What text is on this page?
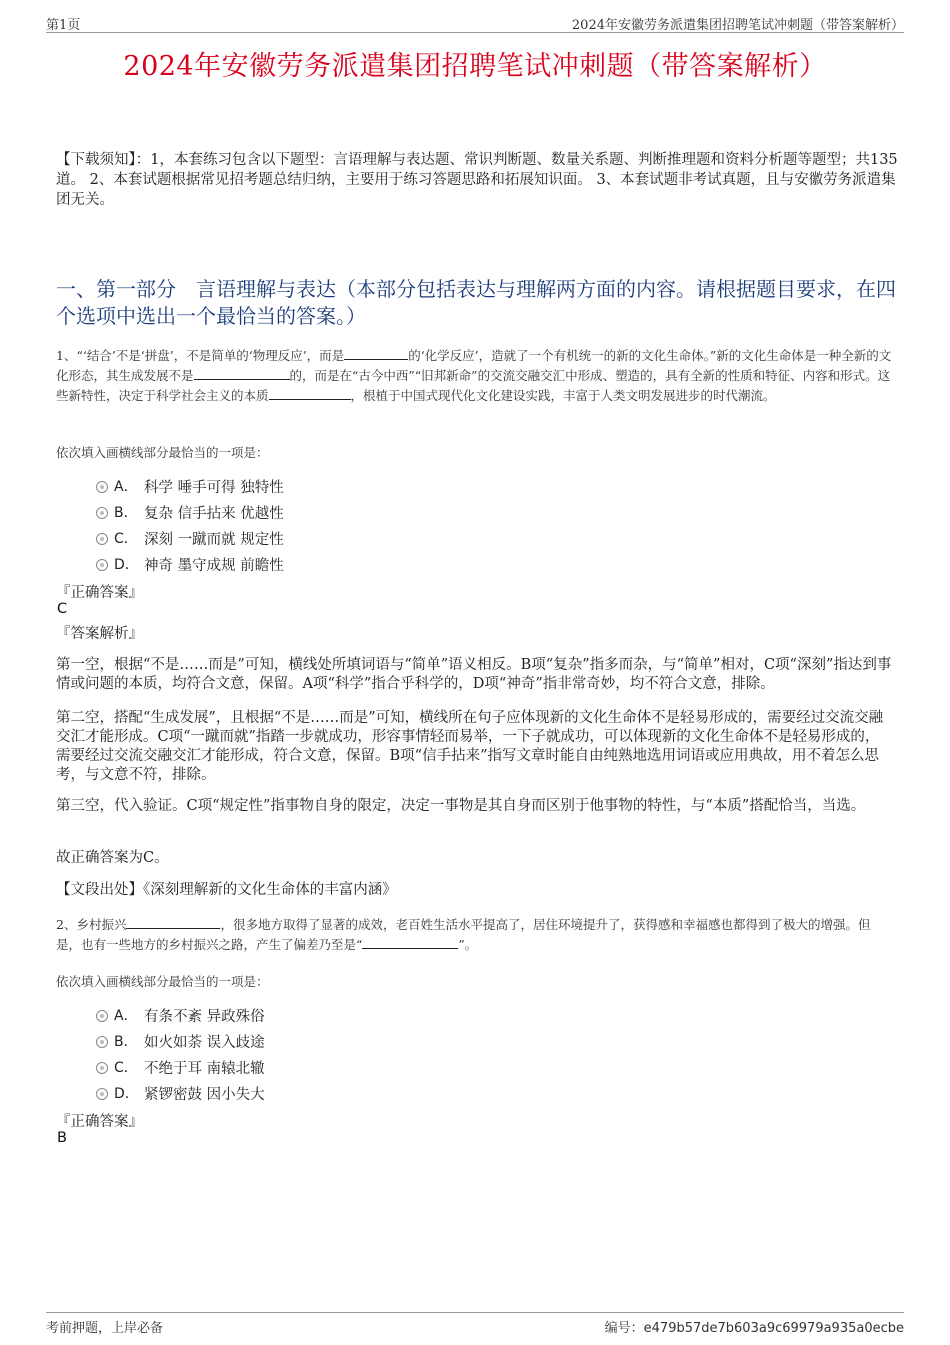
第1页	2024年安徽劳务派遣集团招聘笔试冲刺题（带答案解析）
2024年安徽劳务派遣集团招聘笔试冲刺题（带答案解析）
【下载须知】：1，本套练习包含以下题型：言语理解与表达题、常识判断题、数量关系题、判断推理题和资料分析题等题型；共135道。 2、本套试题根据常见招考题总结归纳，主要用于练习答题思路和拓展知识面。 3、本套试题非考试真题，且与安徽劳务派遣集团无关。
一、第一部分　言语理解与表达（本部分包括表达与理解两方面的内容。请根据题目要求，在四个选项中选出一个最恰当的答案。）
1、“‘结合’不是‘拼盘’，不是简单的‘物理反应’，而是	的‘化学反应’，造就了一个有机统一的新的文化生命体。”新的文化生命体是一种全新的文化形态，其生成发展不是	的，而是在“古今中西”“旧邦新命”的交流交融交汇中形成、塑造的，具有全新的性质和特征、内容和形式。这些新特性，决定于科学社会主义的本质	，根植于中国式现代化文化建设实践，丰富于人类文明发展进步的时代潮流。
依次填入画横线部分最恰当的一项是：
A． 科学 唾手可得 独特性
B． 复杂 信手拈来 优越性
C． 深刻 一蹴而就 规定性
D． 神奇 墨守成规 前瞻性
『正确答案』
C
『答案解析』
第一空，根据“不是……而是”可知，横线处所填词语与“简单”语义相反。B项“复杂”指多而杂，与“简单”相对，C项“深刻”指达到事情或问题的本质，均符合文意，保留。A项“科学”指合乎科学的，D项“神奇”指非常奇妙，均不符合文意，排除。
第二空，搭配“生成发展”，且根据“不是……而是”可知，横线所在句子应体现新的文化生命体不是轻易形成的，需要经过交流交融交汇才能形成。C项“一蹴而就”指踏一步就成功，形容事情轻而易举，一下子就成功，可以体现新的文化生命体不是轻易形成的，需要经过交流交融交汇才能形成，符合文意，保留。B项“信手拈来”指写文章时能自由纯熟地选用词语或应用典故，用不着怎么思考，与文意不符，排除。
第三空，代入验证。C项“规定性”指事物自身的限定，决定一事物是其自身而区别于他事物的特性，与“本质”搭配恰当，当选。
故正确答案为C。
【文段出处】《深刻理解新的文化生命体的丰富内涵》
2、乡村振兴	，很多地方取得了显著的成效，老百姓生活水平提高了，居住环境提升了，获得感和幸福感也都得到了极大的增强。但是，也有一些地方的乡村振兴之路，产生了偏差乃至是“	”。
依次填入画横线部分最恰当的一项是：
A． 有条不紊 异政殊俗
B． 如火如荼 误入歧途
C． 不绝于耳 南辕北辙
D． 紧锣密鼓 因小失大
『正确答案』
B
考前押题，上岸必备	编号：e479b57de7b603a9c69979a935a0ecbe
